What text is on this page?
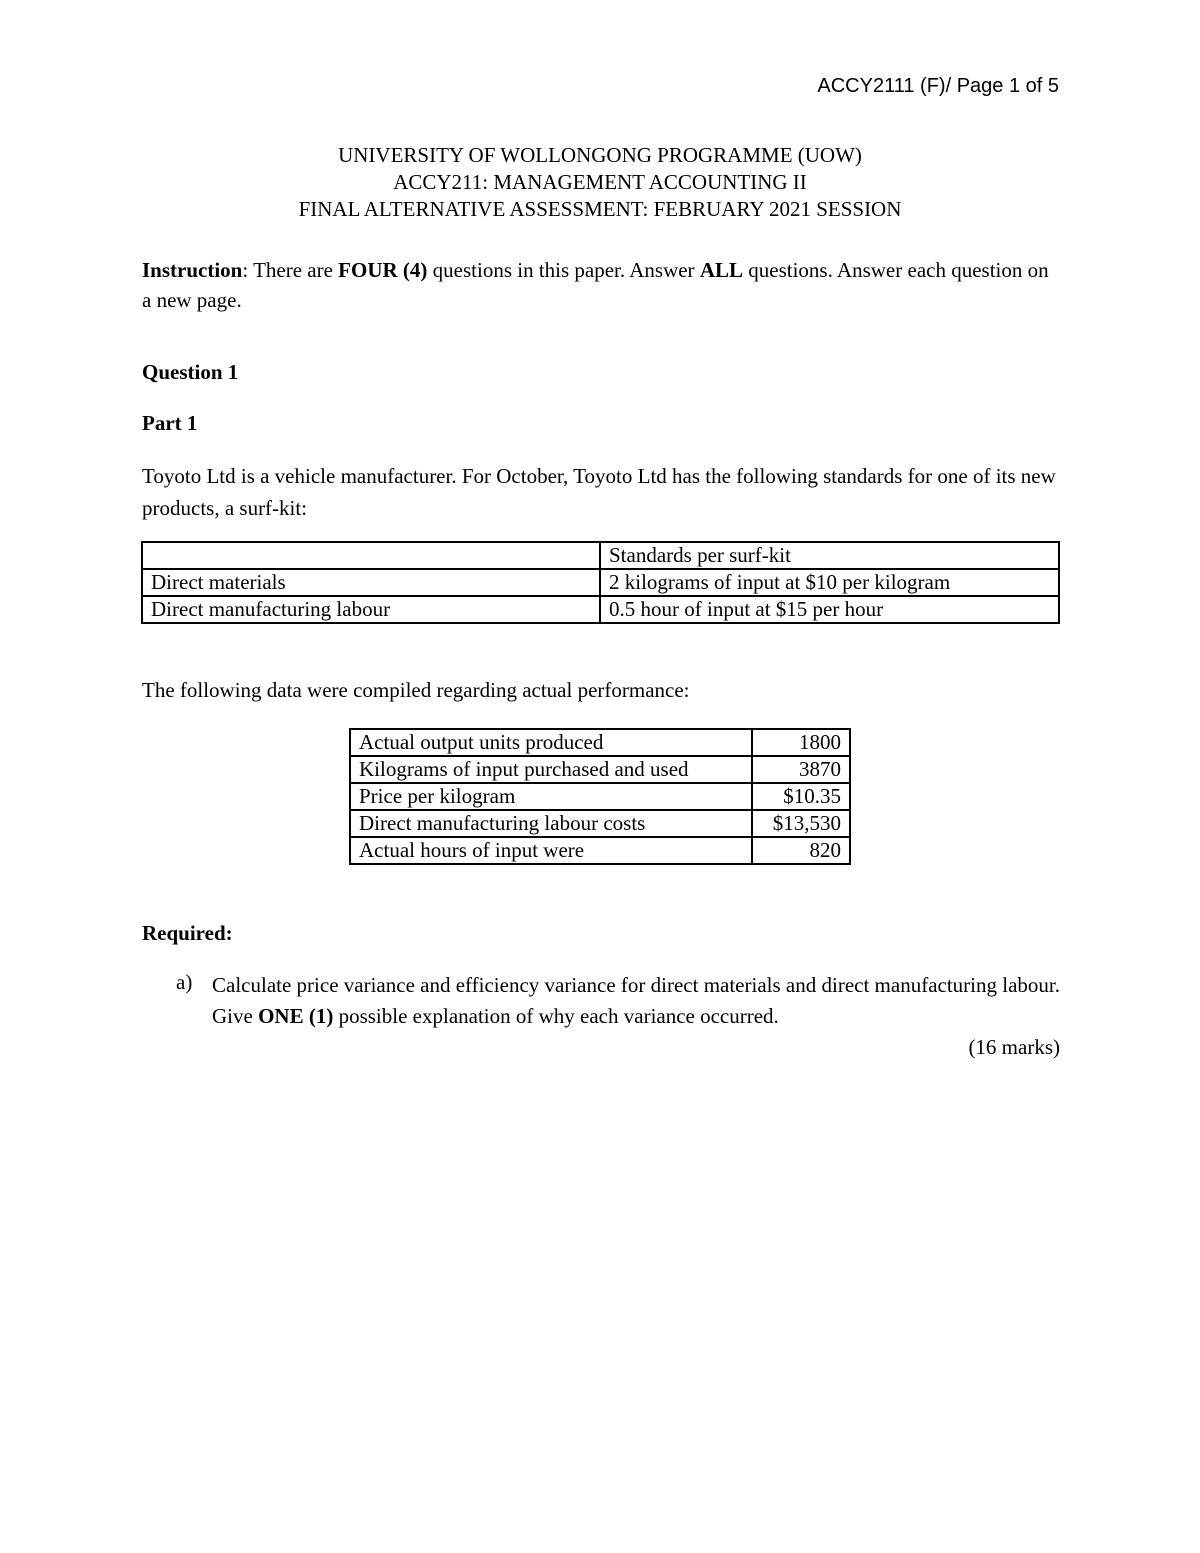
ACCY2111 (F)/ Page 1 of 5
UNIVERSITY OF WOLLONGONG PROGRAMME (UOW)
ACCY211: MANAGEMENT ACCOUNTING II
FINAL ALTERNATIVE ASSESSMENT: FEBRUARY 2021 SESSION
Instruction: There are FOUR (4) questions in this paper. Answer ALL questions. Answer each question on a new page.
Question 1
Part 1
Toyoto Ltd is a vehicle manufacturer. For October, Toyoto Ltd has the following standards for one of its new products, a surf-kit:
	Standards per surf-kit
Direct materials	2 kilograms of input at $10 per kilogram
Direct manufacturing labour	0.5 hour of input at $15 per hour
The following data were compiled regarding actual performance:
Actual output units produced	1800
Kilograms of input purchased and used	3870
Price per kilogram	$10.35
Direct manufacturing labour costs	$13,530
Actual hours of input were	820
Required:
a) Calculate price variance and efficiency variance for direct materials and direct manufacturing labour. Give ONE (1) possible explanation of why each variance occurred.
(16 marks)
